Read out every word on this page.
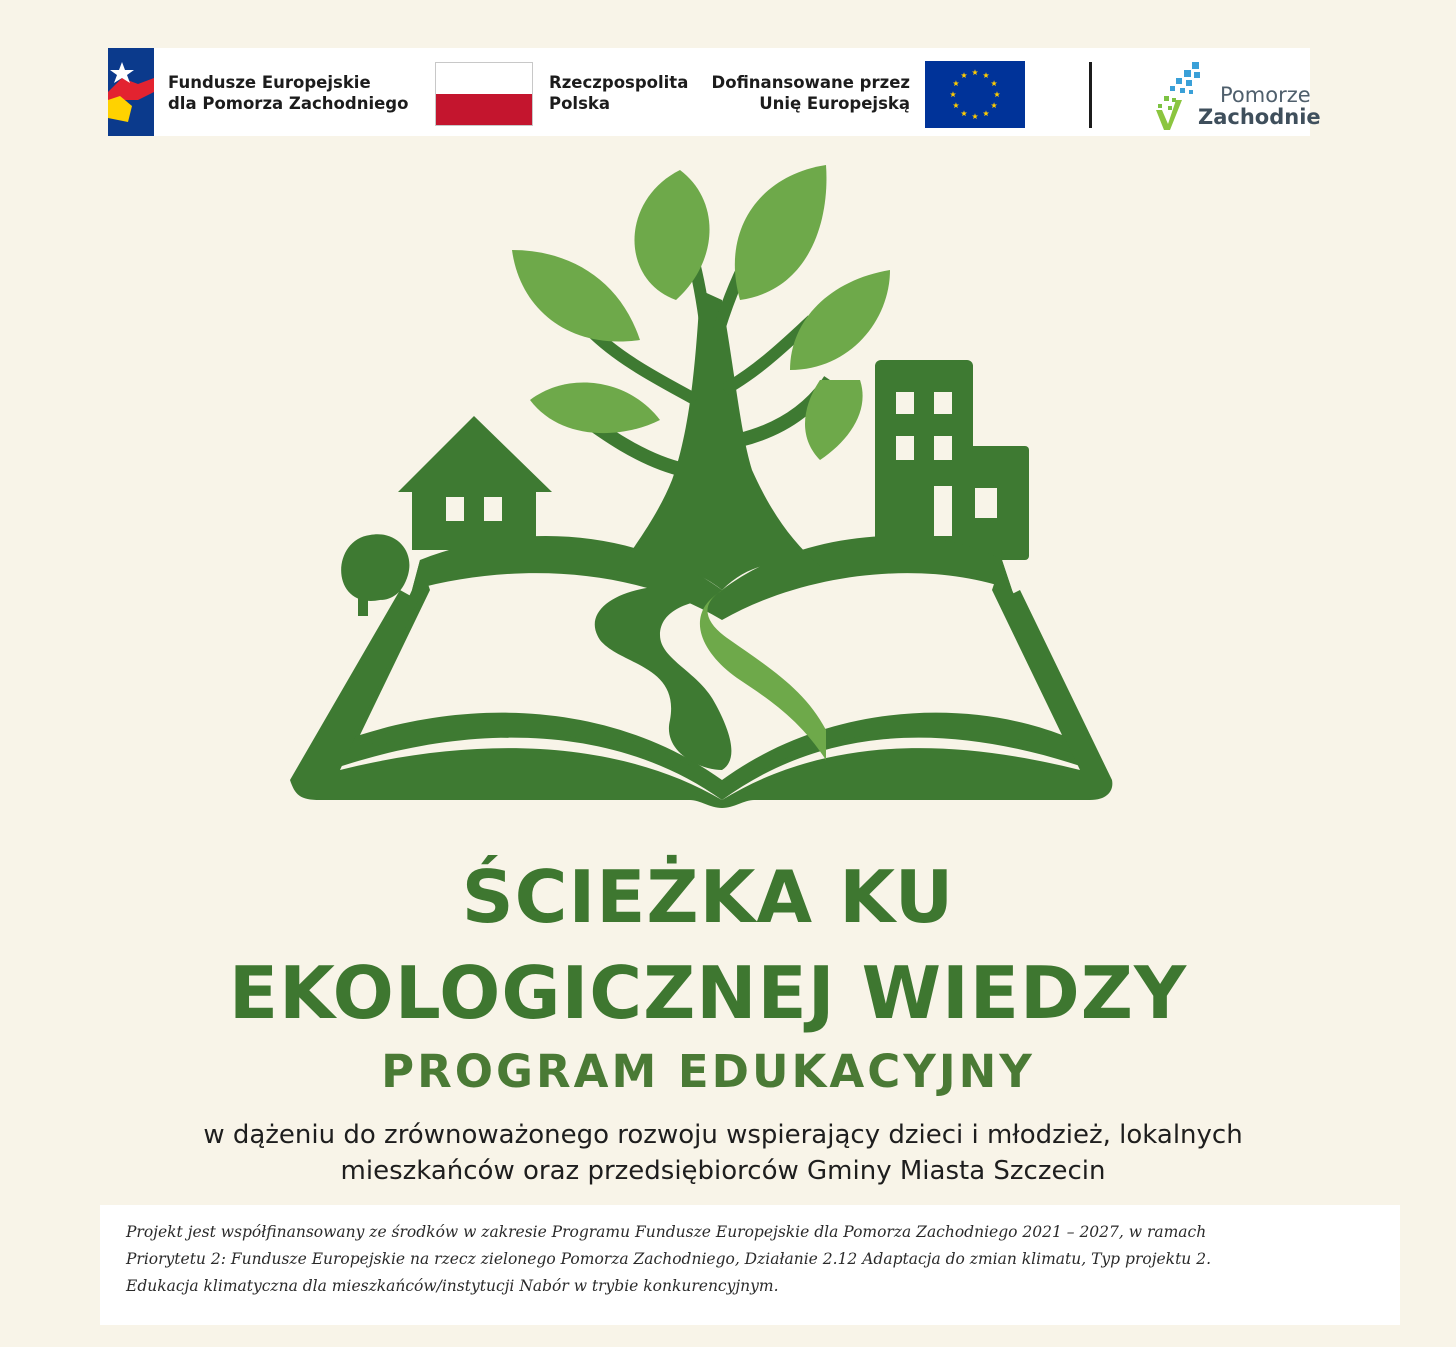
Fundusze Europejskie
dla Pomorza Zachodniego
Rzeczpospolita
Polska
Dofinansowane przez
Unię Europejską	Pomorze
Zachodnie
ŚCIEŻKA KU
EKOLOGICZNEJ WIEDZY
PROGRAM EDUKACYJNY
w dążeniu do zrównoważonego rozwoju wspierający dzieci i młodzież, lokalnych
mieszkańców oraz przedsiębiorców Gminy Miasta Szczecin
Projekt jest współfinansowany ze środków w zakresie Programu Fundusze Europejskie dla Pomorza Zachodniego 2021 – 2027, w ramach
Priorytetu 2: Fundusze Europejskie na rzecz zielonego Pomorza Zachodniego, Działanie 2.12 Adaptacja do zmian klimatu, Typ projektu 2.
Edukacja klimatyczna dla mieszkańców/instytucji Nabór w trybie konkurencyjnym.
